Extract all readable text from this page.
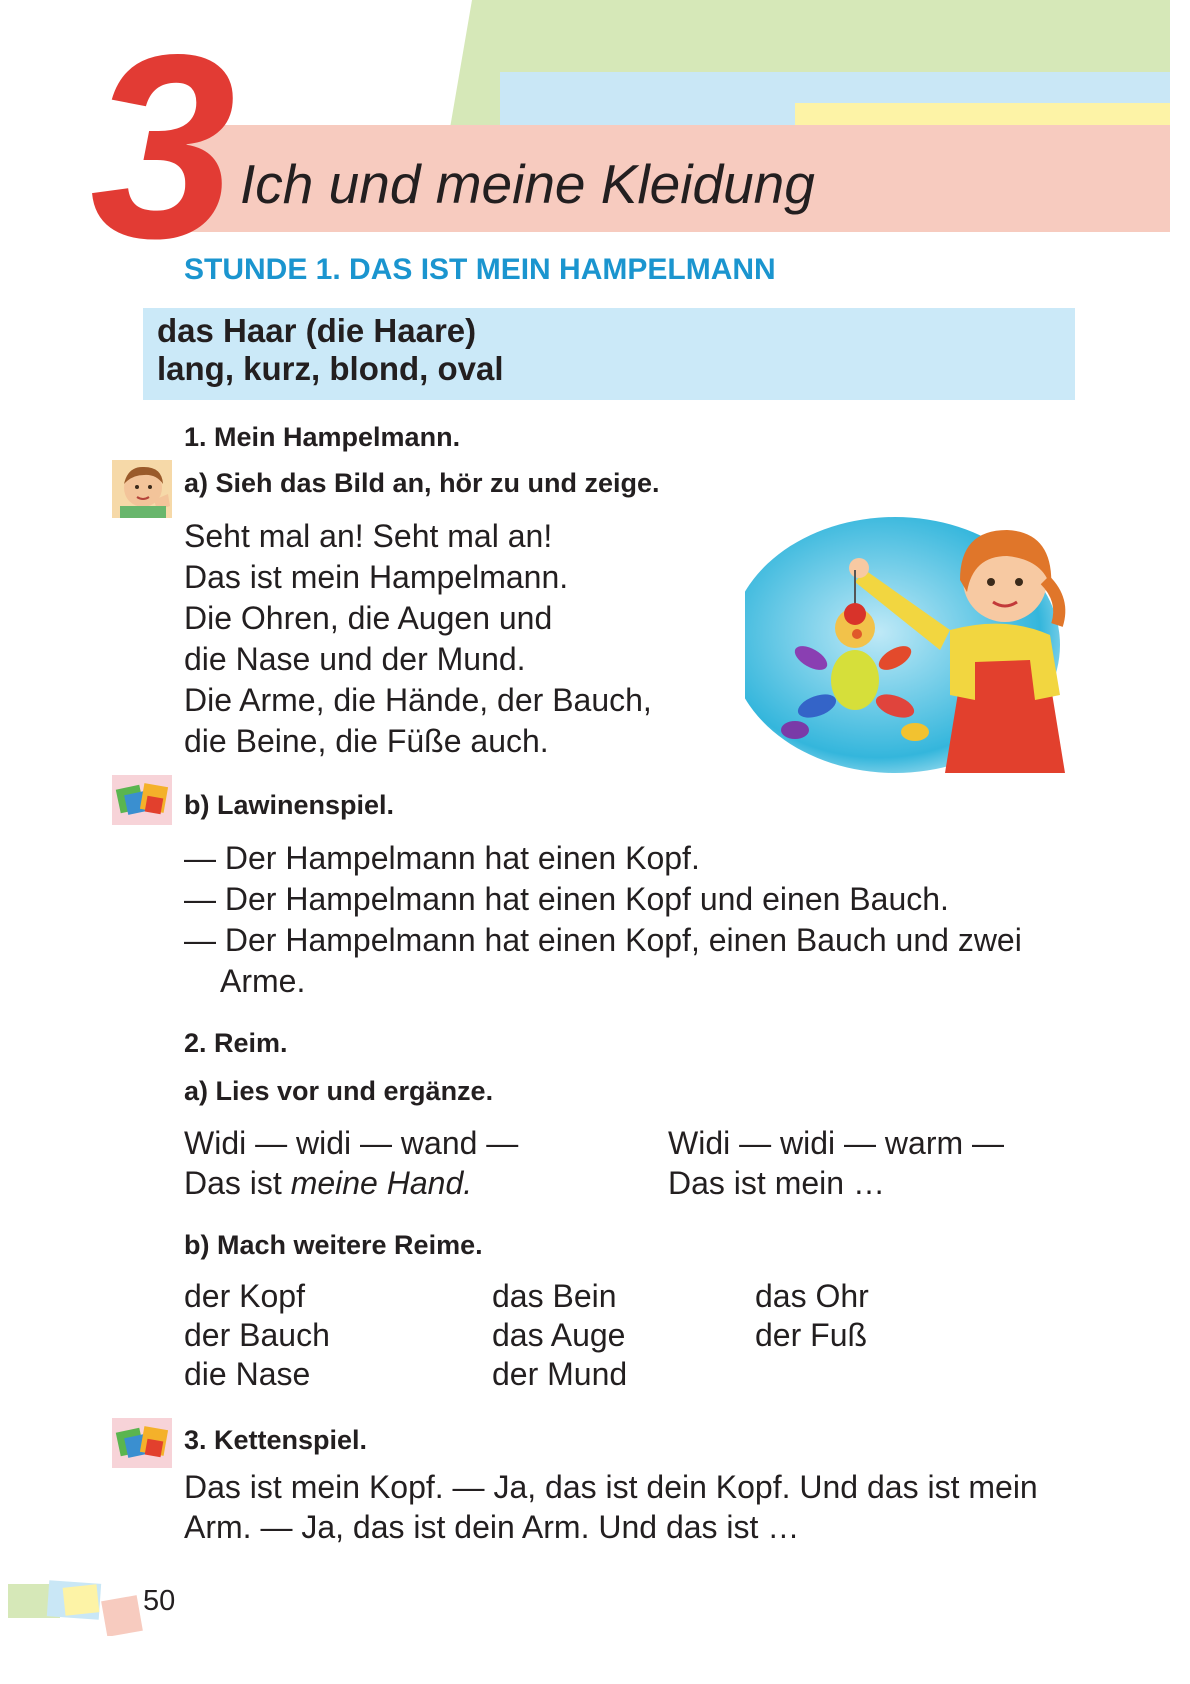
3 Ich und meine Kleidung
STUNDE 1. DAS IST MEIN HAMPELMANN
das Haar (die Haare)
lang, kurz, blond, oval
1. Mein Hampelmann.
a) Sieh das Bild an, hör zu und zeige.
Seht mal an! Seht mal an!
Das ist mein Hampelmann.
Die Ohren, die Augen und
die Nase und der Mund.
Die Arme, die Hände, der Bauch,
die Beine, die Füße auch.
b) Lawinenspiel.
— Der Hampelmann hat einen Kopf.
— Der Hampelmann hat einen Kopf und einen Bauch.
— Der Hampelmann hat einen Kopf, einen Bauch und zwei
Arme.
2. Reim.
a) Lies vor und ergänze.
Widi — widi — wand —
Das ist meine Hand.
Widi — widi — warm —
Das ist mein …
b) Mach weitere Reime.
der Kopf
der Bauch
die Nase
das Bein
das Auge
der Mund
das Ohr
der Fuß
3. Kettenspiel.
Das ist mein Kopf. — Ja, das ist dein Kopf. Und das ist mein
Arm. — Ja, das ist dein Arm. Und das ist …
50
